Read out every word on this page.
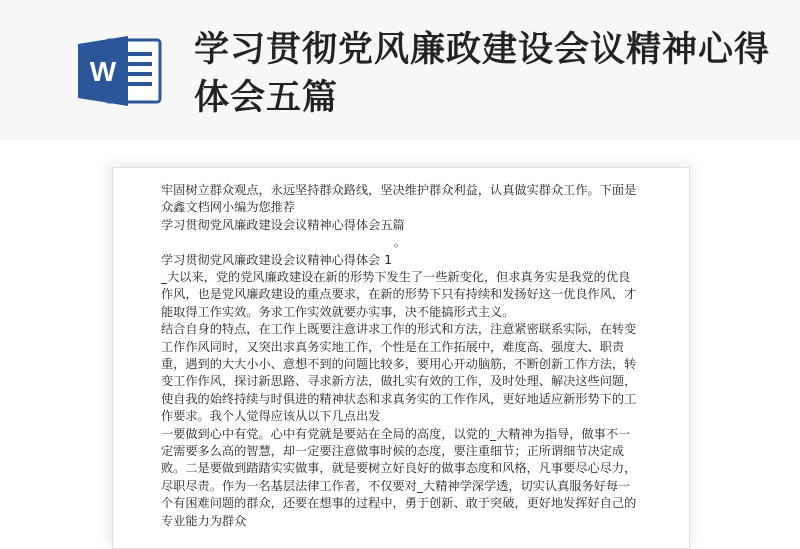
W
学习贯彻党风廉政建设会议精神心得体会五篇

牢固树立群众观点，永远坚持群众路线，坚决维护群众利益，认真做实群众工作。下面是众鑫文档网小编为您推荐

学习贯彻党风廉政建设会议精神心得体会五篇

。

学习贯彻党风廉政建设会议精神心得体会 1

_大以来，党的党风廉政建设在新的形势下发生了一些新变化，但求真务实是我党的优良作风，也是党风廉政建设的重点要求，在新的形势下只有持续和发扬好这一优良作风，才能取得工作实效。务求工作实效就要办实事，决不能搞形式主义。

结合自身的特点，在工作上既要注意讲求工作的形式和方法，注意紧密联系实际，在转变工作作风同时，又突出求真务实地工作，个性是在工作拓展中，难度高、强度大、职责重，遇到的大大小小、意想不到的问题比较多，要用心开动脑筋，不断创新工作方法，转变工作作风，探讨新思路、寻求新方法，做扎实有效的工作，及时处理、解决这些问题，使自我的始终持续与时俱进的精神状态和求真务实的工作作风，更好地适应新形势下的工作要求。我个人觉得应该从以下几点出发

一要做到心中有党。心中有党就是要站在全局的高度，以党的_大精神为指导，做事不一定需要多么高的智慧，却一定要注意做事时候的态度，要注重细节；正所谓细节决定成败。二是要做到踏踏实实做事，就是要树立好良好的做事态度和风格，凡事要尽心尽力，尽职尽责。作为一名基层法律工作者，不仅要对_大精神学深学透，切实认真服务好每一个有困难问题的群众，还要在想事的过程中，勇于创新、敢于突破，更好地发挥好自己的专业能力为群众
